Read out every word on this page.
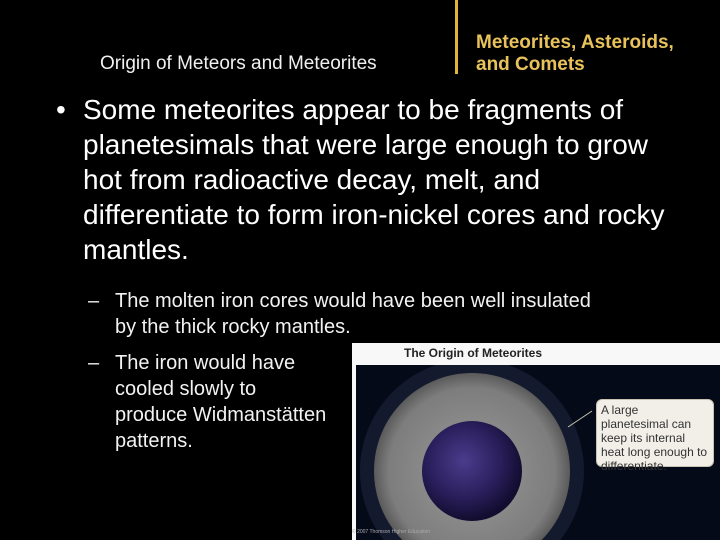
Origin of Meteors and Meteorites
Meteorites, Asteroids,
and Comets
• Some meteorites appear to be fragments of planetesimals that were large enough to grow hot from radioactive decay, melt, and differentiate to form iron-nickel cores and rocky mantles.
– The molten iron cores would have been well insulated by the thick rocky mantles.
– The iron would have cooled slowly to produce Widmanstätten patterns.
The Origin of Meteorites
A large planetesimal can keep its internal heat long enough to differentiate.
© 2007 Thomson Higher Education
